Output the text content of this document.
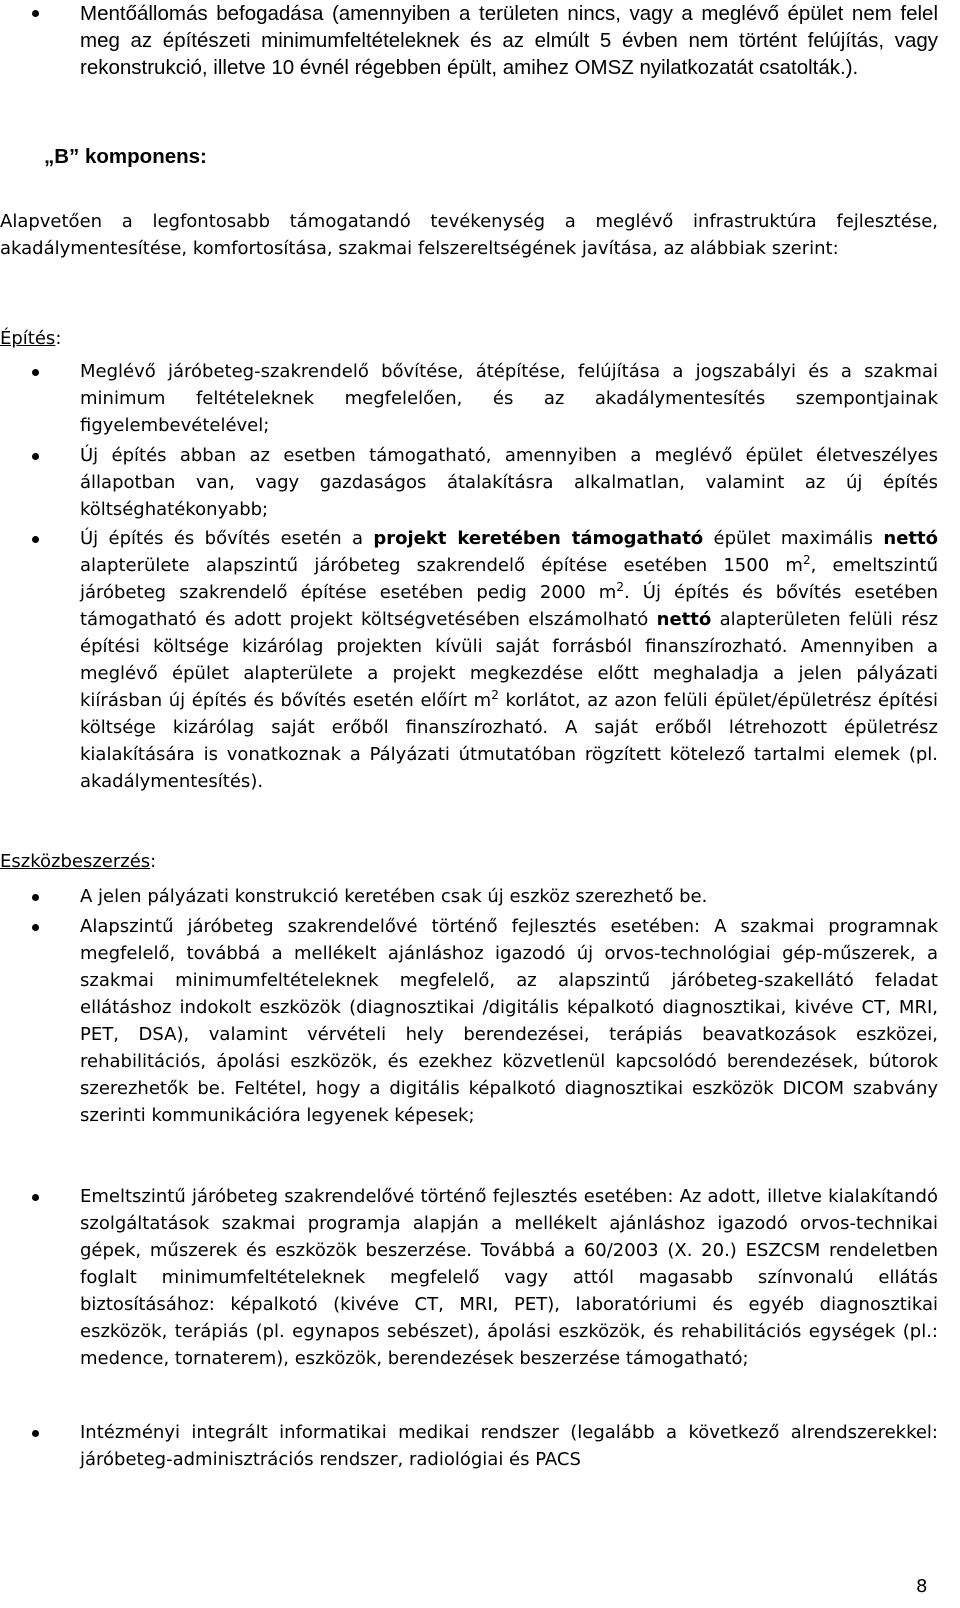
Mentőállomás befogadása (amennyiben a területen nincs, vagy a meglévő épület nem felel meg az építészeti minimumfeltételeknek és az elmúlt 5 évben nem történt felújítás, vagy rekonstrukció, illetve 10 évnél régebben épült, amihez OMSZ nyilatkozatát csatolták.).

„B” komponens:

Alapvetően a legfontosabb támogatandó tevékenység a meglévő infrastruktúra fejlesztése, akadálymentesítése, komfortosítása, szakmai felszereltségének javítása, az alábbiak szerint:

Építés:

Meglévő járóbeteg-szakrendelő bővítése, átépítése, felújítása a jogszabályi és a szakmai minimum feltételeknek megfelelően, és az akadálymentesítés szempontjainak figyelembevételével;
Új építés abban az esetben támogatható, amennyiben a meglévő épület életveszélyes állapotban van, vagy gazdaságos átalakításra alkalmatlan, valamint az új építés költséghatékonyabb;
Új építés és bővítés esetén a projekt keretében támogatható épület maximális nettó alapterülete alapszintű járóbeteg szakrendelő építése esetében 1500 $m^2$, emeltszintű járóbeteg szakrendelő építése esetében pedig 2000 $m^2$. Új építés és bővítés esetében támogatható és adott projekt költségvetésében elszámolható nettó alapterületen felüli rész építési költsége kizárólag projekten kívüli saját forrásból finanszírozható. Amennyiben a meglévő épület alapterülete a projekt megkezdése előtt meghaladja a jelen pályázati kiírásban új építés és bővítés esetén előírt $m^2$ korlátot, az azon felüli épület/épületrész építési költsége kizárólag saját erőből finanszírozható. A saját erőből létrehozott épületrész kialakítására is vonatkoznak a Pályázati útmutatóban rögzített kötelező tartalmi elemek (pl. akadálymentesítés).

Eszközbeszerzés:

A jelen pályázati konstrukció keretében csak új eszköz szerezhető be.
Alapszintű járóbeteg szakrendelővé történő fejlesztés esetében: A szakmai programnak megfelelő, továbbá a mellékelt ajánláshoz igazodó új orvos-technológiai gép-műszerek, a szakmai minimumfeltételeknek megfelelő, az alapszintű járóbeteg-szakellátó feladat ellátáshoz indokolt eszközök (diagnosztikai /digitális képalkotó diagnosztikai, kivéve CT, MRI, PET, DSA), valamint vérvételi hely berendezései, terápiás beavatkozások eszközei, rehabilitációs, ápolási eszközök, és ezekhez közvetlenül kapcsolódó berendezések, bútorok szerezhetők be. Feltétel, hogy a digitális képalkotó diagnosztikai eszközök DICOM szabvány szerinti kommunikációra legyenek képesek;
Emeltszintű járóbeteg szakrendelővé történő fejlesztés esetében: Az adott, illetve kialakítandó szolgáltatások szakmai programja alapján a mellékelt ajánláshoz igazodó orvos-technikai gépek, műszerek és eszközök beszerzése. Továbbá a 60/2003 (X. 20.) ESZCSM rendeletben foglalt minimumfeltételeknek megfelelő vagy attól magasabb színvonalú ellátás biztosításához: képalkotó (kivéve CT, MRI, PET), laboratóriumi és egyéb diagnosztikai eszközök, terápiás (pl. egynapos sebészet), ápolási eszközök, és rehabilitációs egységek (pl.: medence, tornaterem), eszközök, berendezések beszerzése támogatható;
Intézményi integrált informatikai medikai rendszer (legalább a következő alrendszerekkel: járóbeteg-adminisztrációs rendszer, radiológiai és PACS
8
